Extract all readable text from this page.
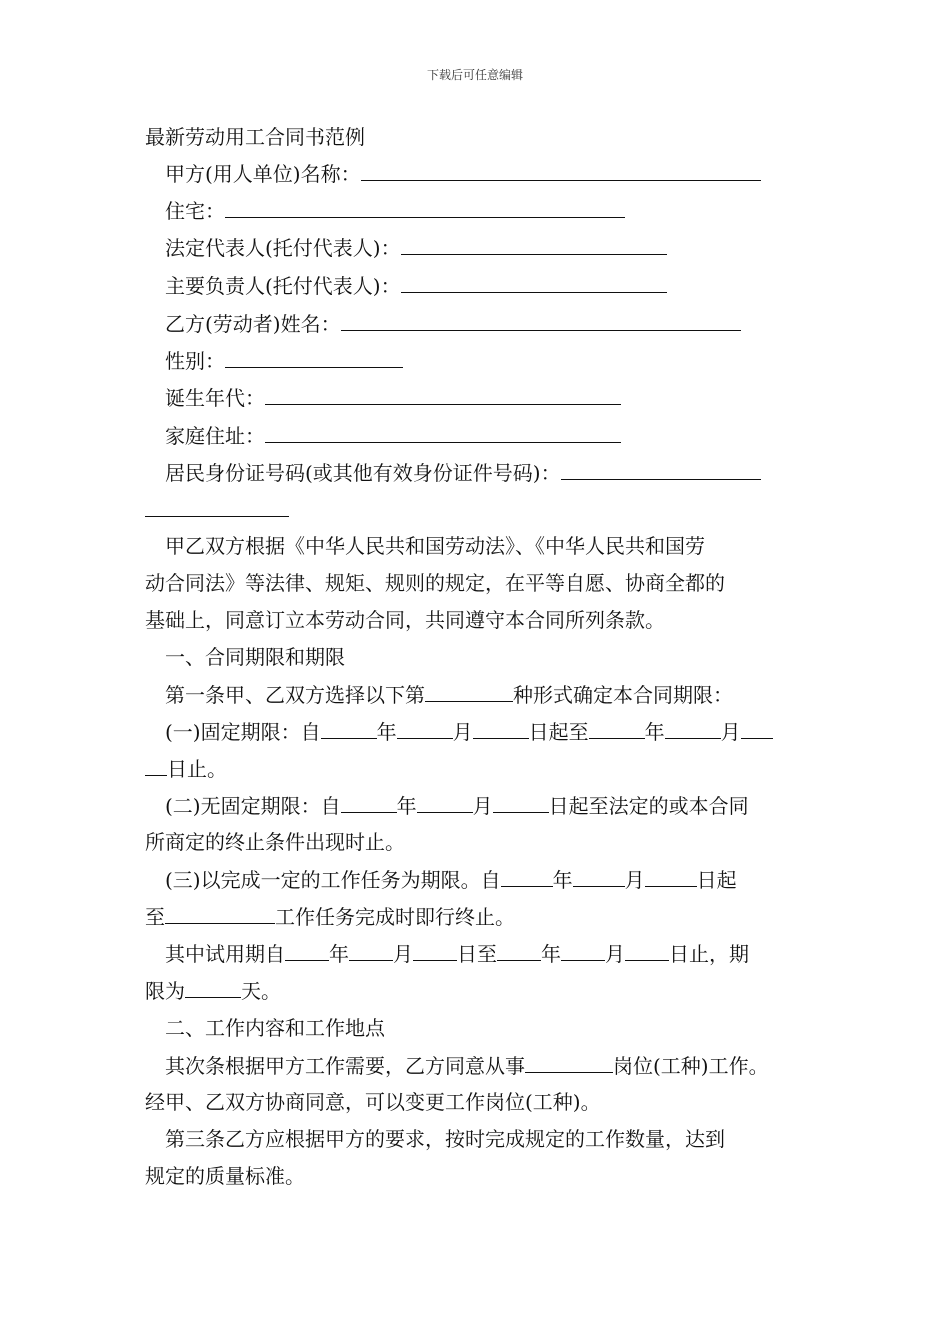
下载后可任意编辑
最新劳动用工合同书范例
甲方(用人单位)名称：
住宅：
法定代表人(托付代表人)：
主要负责人(托付代表人)：
乙方(劳动者)姓名：
性别：
诞生年代：
家庭住址：
居民身份证号码(或其他有效身份证件号码)：
甲乙双方根据《中华人民共和国劳动法》、《中华人民共和国劳
动合同法》等法律、规矩、规则的规定，在平等自愿、协商全都的
基础上，同意订立本劳动合同，共同遵守本合同所列条款。
一、合同期限和期限
第一条甲、乙双方选择以下第	种形式确定本合同期限：
(一)固定期限：自	年	月	日起至	年	月
日止。
(二)无固定期限：自	年	月	日起至法定的或本合同
所商定的终止条件出现时止。
(三)以完成一定的工作任务为期限。自	年	月	日起
至	工作任务完成时即行终止。
其中试用期自 年 月 日至 年 月 日止，期
限为	天。
二、工作内容和工作地点
其次条根据甲方工作需要，乙方同意从事	岗位(工种)工作。
经甲、乙双方协商同意，可以变更工作岗位(工种)。
第三条乙方应根据甲方的要求，按时完成规定的工作数量，达到
规定的质量标准。
